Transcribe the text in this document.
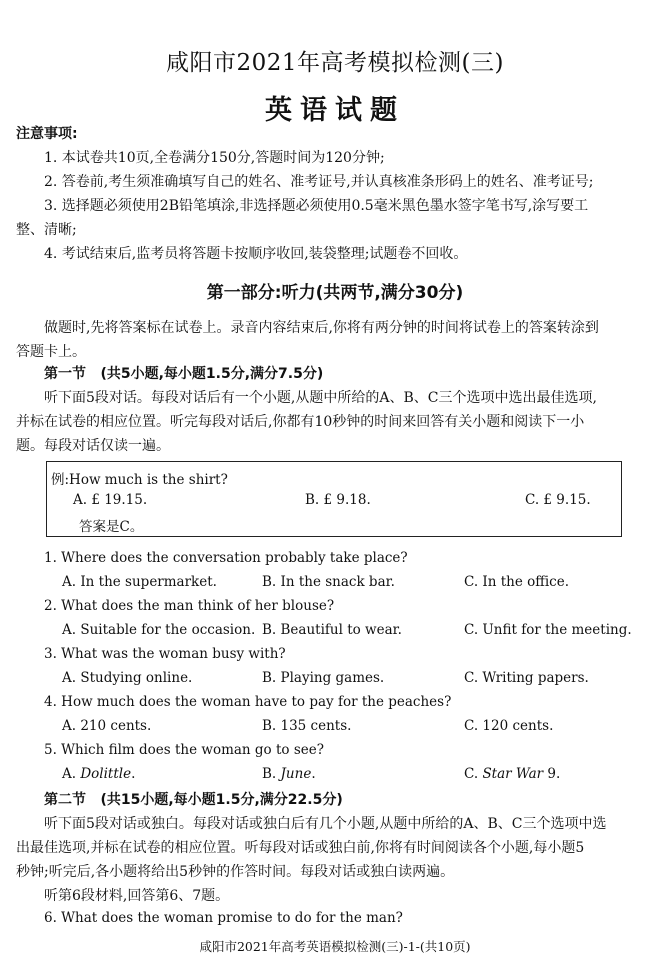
咸阳市2021年高考模拟检测(三)
英语试题
注意事项:
1. 本试卷共10页,全卷满分150分,答题时间为120分钟;
2. 答卷前,考生须准确填写自己的姓名、准考证号,并认真核准条形码上的姓名、准考证号;
3. 选择题必须使用2B铅笔填涂,非选择题必须使用0.5毫米黑色墨水签字笔书写,涂写要工
整、清晰;
4. 考试结束后,监考员将答题卡按顺序收回,装袋整理;试题卷不回收。
第一部分:听力(共两节,满分30分)
做题时,先将答案标在试卷上。录音内容结束后,你将有两分钟的时间将试卷上的答案转涂到
答题卡上。
第一节 (共5小题,每小题1.5分,满分7.5分)
听下面5段对话。每段对话后有一个小题,从题中所给的A、B、C三个选项中选出最佳选项,
并标在试卷的相应位置。听完每段对话后,你都有10秒钟的时间来回答有关小题和阅读下一小
题。每段对话仅读一遍。
例:How much is the shirt?
A. £ 19.15.	B. £ 9.18.	C. £ 9.15.
答案是C。
1. Where does the conversation probably take place?
A. In the supermarket.	B. In the snack bar.	C. In the office.
2. What does the man think of her blouse?
A. Suitable for the occasion. B. Beautiful to wear.	C. Unfit for the meeting.
3. What was the woman busy with?
A. Studying online.	B. Playing games.	C. Writing papers.
4. How much does the woman have to pay for the peaches?
A. 210 cents.	B. 135 cents.	C. 120 cents.
5. Which film does the woman go to see?
A. Dolittle.	B. June.	C. Star War 9.
第二节 (共15小题,每小题1.5分,满分22.5分)
听下面5段对话或独白。每段对话或独白后有几个小题,从题中所给的A、B、C三个选项中选
出最佳选项,并标在试卷的相应位置。听每段对话或独白前,你将有时间阅读各个小题,每小题5
秒钟;听完后,各小题将给出5秒钟的作答时间。每段对话或独白读两遍。
听第6段材料,回答第6、7题。
6. What does the woman promise to do for the man?
咸阳市2021年高考英语模拟检测(三)-1-(共10页)
